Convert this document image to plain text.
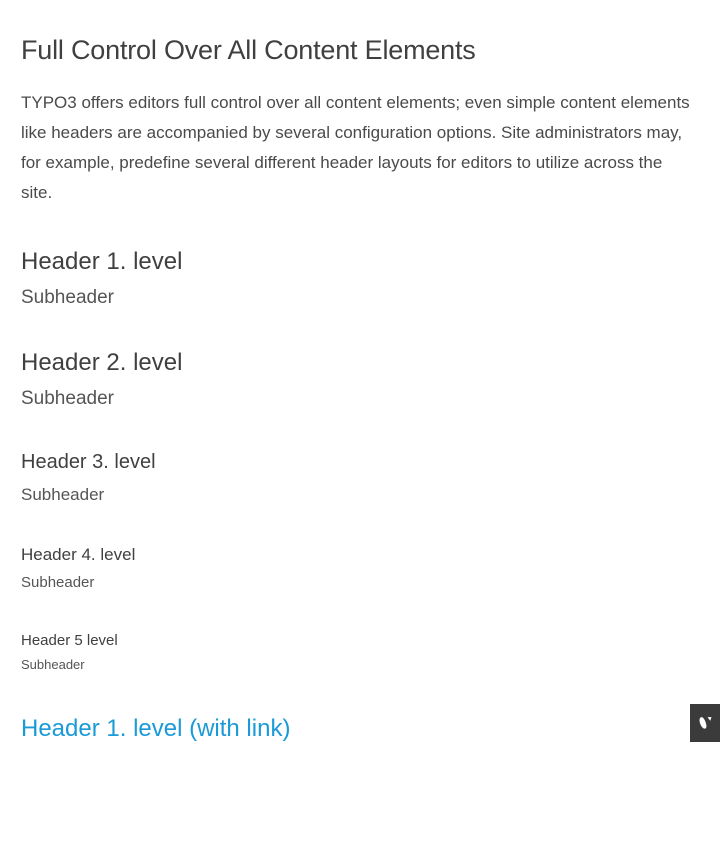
Full Control Over All Content Elements

TYPO3 offers editors full control over all content elements; even simple content elements like headers are accompanied by several configuration options. Site administrators may, for example, predefine several different header layouts for editors to utilize across the site.

Header 1. level

Subheader

Header 2. level

Subheader

Header 3. level

Subheader

Header 4. level

Subheader

Header 5 level

Subheader

Header 1. level (with link)
